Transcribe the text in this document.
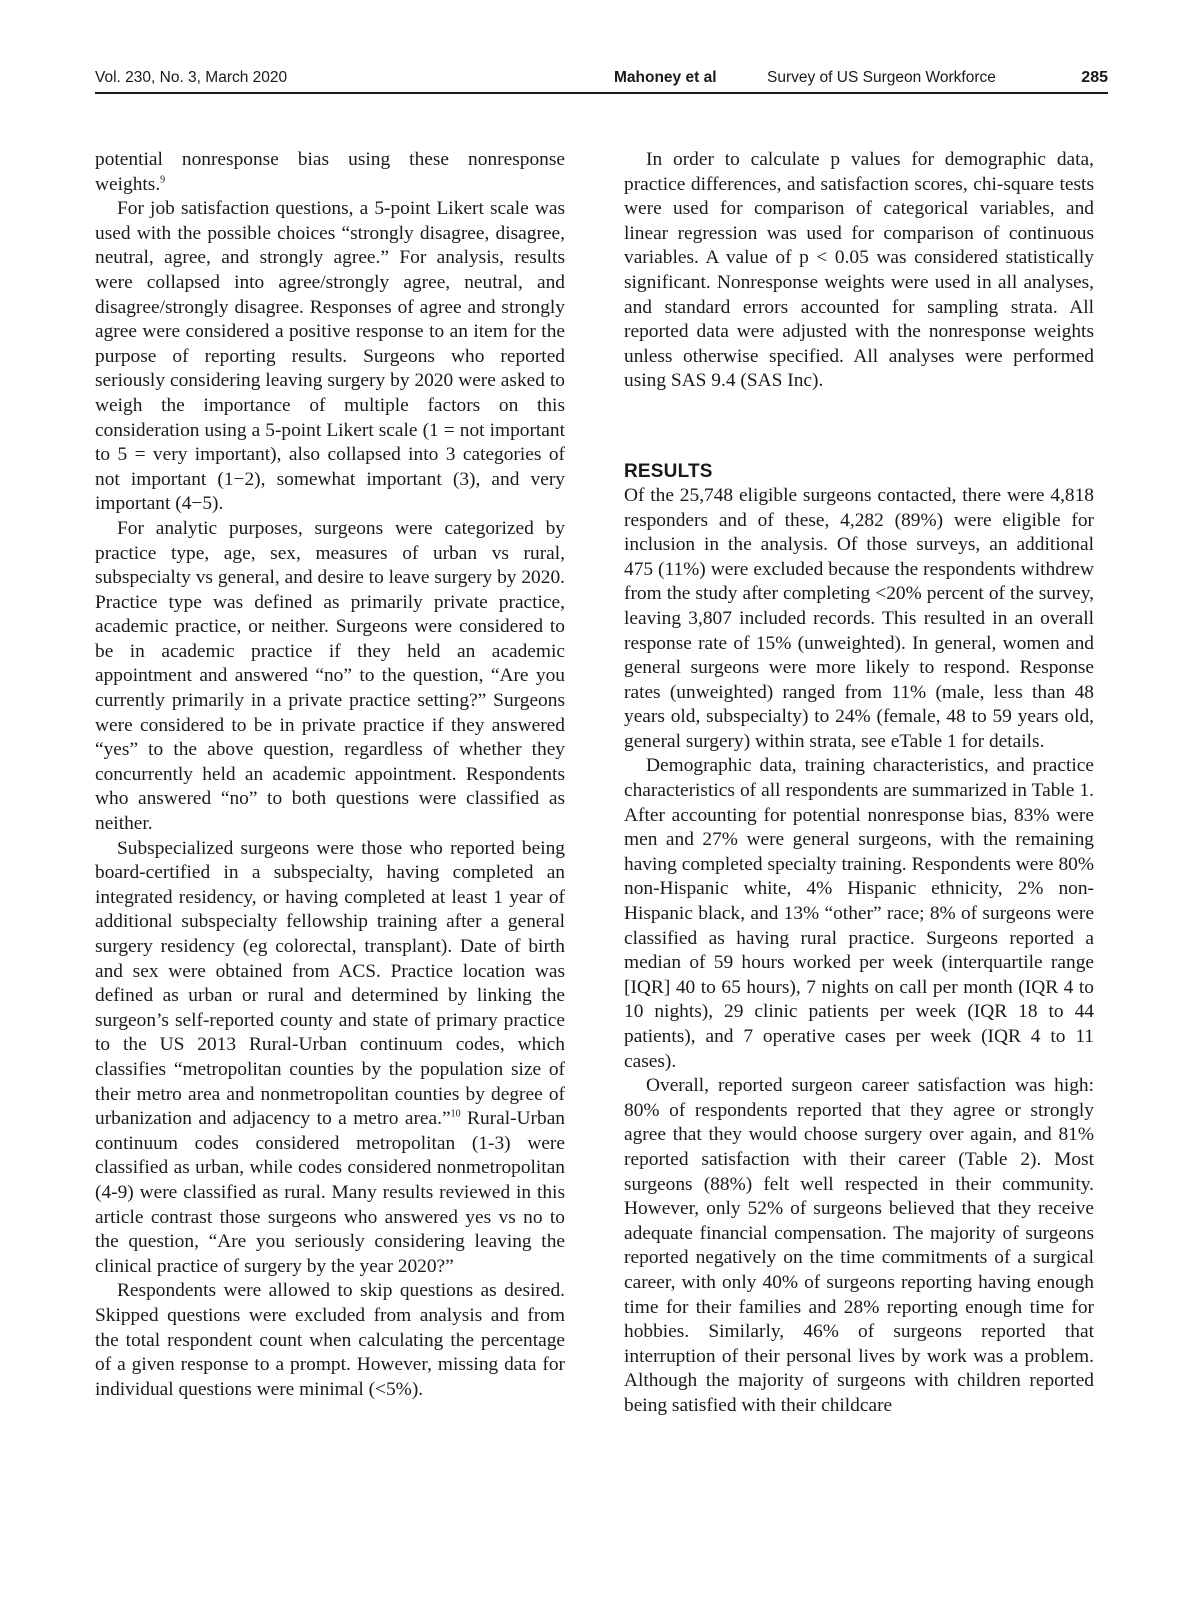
Vol. 230, No. 3, March 2020	Mahoney et al	Survey of US Surgeon Workforce	285

potential nonresponse bias using these nonresponse weights.$^9$

For job satisfaction questions, a 5-point Likert scale was used with the possible choices “strongly disagree, disagree, neutral, agree, and strongly agree.” For analysis, results were collapsed into agree/strongly agree, neutral, and disagree/strongly disagree. Responses of agree and strongly agree were considered a positive response to an item for the purpose of reporting results. Surgeons who reported seriously considering leaving surgery by 2020 were asked to weigh the importance of multiple factors on this consideration using a 5-point Likert scale (1 = not important to 5 = very important), also collapsed into 3 categories of not important (1−2), somewhat important (3), and very important (4−5).

For analytic purposes, surgeons were categorized by practice type, age, sex, measures of urban vs rural, subspecialty vs general, and desire to leave surgery by 2020. Practice type was defined as primarily private practice, academic practice, or neither. Surgeons were considered to be in academic practice if they held an academic appointment and answered “no” to the question, “Are you currently primarily in a private practice setting?” Surgeons were considered to be in private practice if they answered “yes” to the above question, regardless of whether they concurrently held an academic appointment. Respondents who answered “no” to both questions were classified as neither.

Subspecialized surgeons were those who reported being board-certified in a subspecialty, having completed an integrated residency, or having completed at least 1 year of additional subspecialty fellowship training after a general surgery residency (eg colorectal, transplant). Date of birth and sex were obtained from ACS. Practice location was defined as urban or rural and determined by linking the surgeon’s self-reported county and state of primary practice to the US 2013 Rural-Urban continuum codes, which classifies “metropolitan counties by the population size of their metro area and nonmetropolitan counties by degree of urbanization and adjacency to a metro area.”$^{10}$ Rural-Urban continuum codes considered metropolitan (1-3) were classified as urban, while codes considered nonmetropolitan (4-9) were classified as rural. Many results reviewed in this article contrast those surgeons who answered yes vs no to the question, “Are you seriously considering leaving the clinical practice of surgery by the year 2020?”

Respondents were allowed to skip questions as desired. Skipped questions were excluded from analysis and from the total respondent count when calculating the percentage of a given response to a prompt. However, missing data for individual questions were minimal (<5%).

In order to calculate p values for demographic data, practice differences, and satisfaction scores, chi-square tests were used for comparison of categorical variables, and linear regression was used for comparison of continuous variables. A value of p < 0.05 was considered statistically significant. Nonresponse weights were used in all analyses, and standard errors accounted for sampling strata. All reported data were adjusted with the nonresponse weights unless otherwise specified. All analyses were performed using SAS 9.4 (SAS Inc).

RESULTS

Of the 25,748 eligible surgeons contacted, there were 4,818 responders and of these, 4,282 (89%) were eligible for inclusion in the analysis. Of those surveys, an additional 475 (11%) were excluded because the respondents withdrew from the study after completing <20% percent of the survey, leaving 3,807 included records. This resulted in an overall response rate of 15% (unweighted). In general, women and general surgeons were more likely to respond. Response rates (unweighted) ranged from 11% (male, less than 48 years old, subspecialty) to 24% (female, 48 to 59 years old, general surgery) within strata, see eTable 1 for details.

Demographic data, training characteristics, and practice characteristics of all respondents are summarized in Table 1. After accounting for potential nonresponse bias, 83% were men and 27% were general surgeons, with the remaining having completed specialty training. Respondents were 80% non-Hispanic white, 4% Hispanic ethnicity, 2% non-Hispanic black, and 13% “other” race; 8% of surgeons were classified as having rural practice. Surgeons reported a median of 59 hours worked per week (interquartile range [IQR] 40 to 65 hours), 7 nights on call per month (IQR 4 to 10 nights), 29 clinic patients per week (IQR 18 to 44 patients), and 7 operative cases per week (IQR 4 to 11 cases).

Overall, reported surgeon career satisfaction was high: 80% of respondents reported that they agree or strongly agree that they would choose surgery over again, and 81% reported satisfaction with their career (Table 2). Most surgeons (88%) felt well respected in their community. However, only 52% of surgeons believed that they receive adequate financial compensation. The majority of surgeons reported negatively on the time commitments of a surgical career, with only 40% of surgeons reporting having enough time for their families and 28% reporting enough time for hobbies. Similarly, 46% of surgeons reported that interruption of their personal lives by work was a problem. Although the majority of surgeons with children reported being satisfied with their childcare
